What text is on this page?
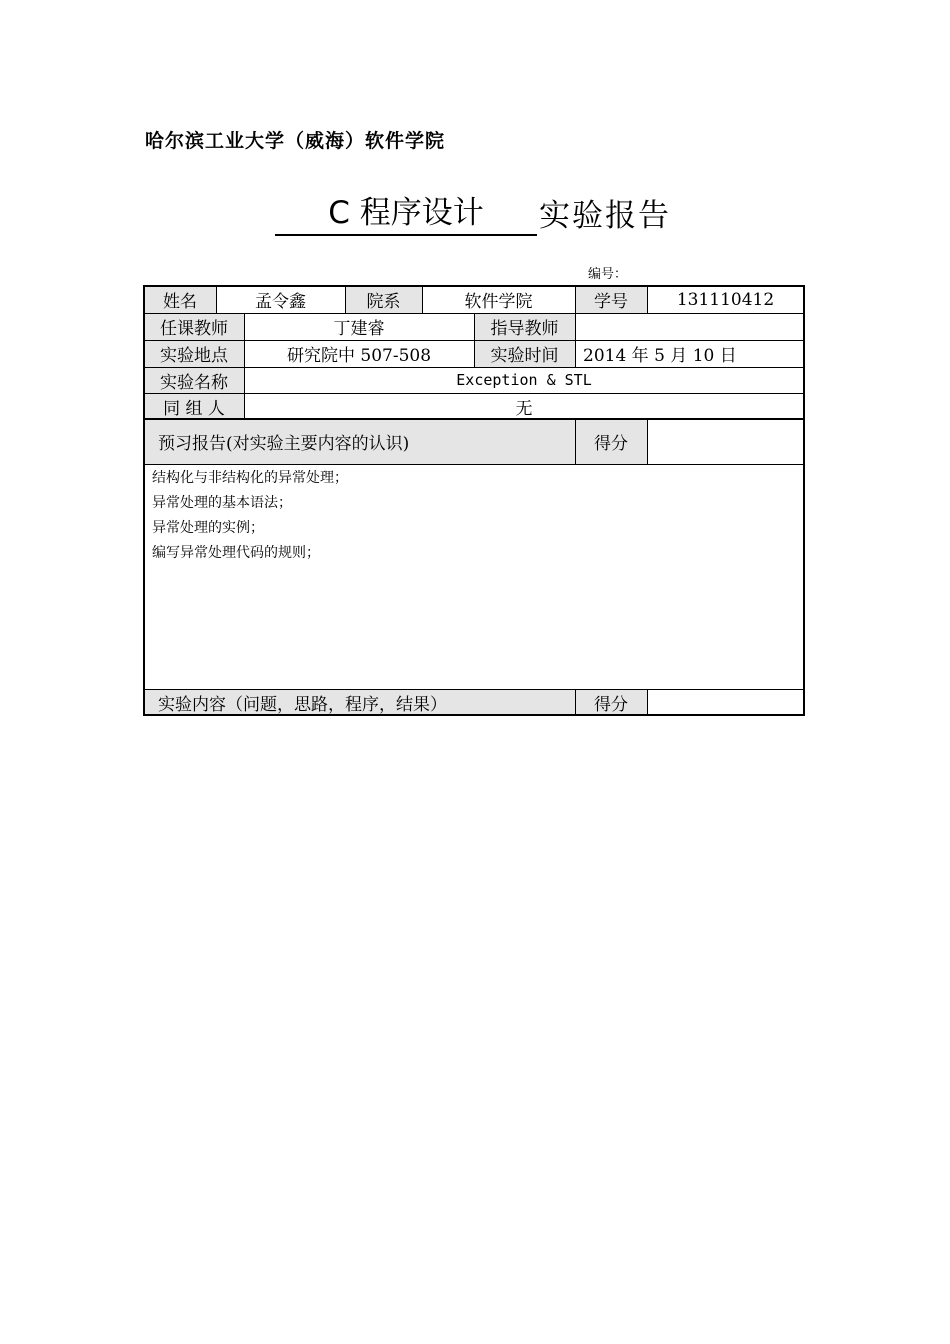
哈尔滨工业大学（威海）软件学院
C 程序设计	实验报告
编号：
姓名	孟令鑫	院系	软件学院	学号	131110412
任课教师	丁建睿	指导教师
实验地点	研究院中 507-508	实验时间	2014 年 5 月 10 日
实验名称	Exception & STL
同 组 人	无
预习报告(对实验主要内容的认识)	得分
结构化与非结构化的异常处理；
异常处理的基本语法；
异常处理的实例；
编写异常处理代码的规则；
实验内容（问题，思路，程序，结果）	得分
